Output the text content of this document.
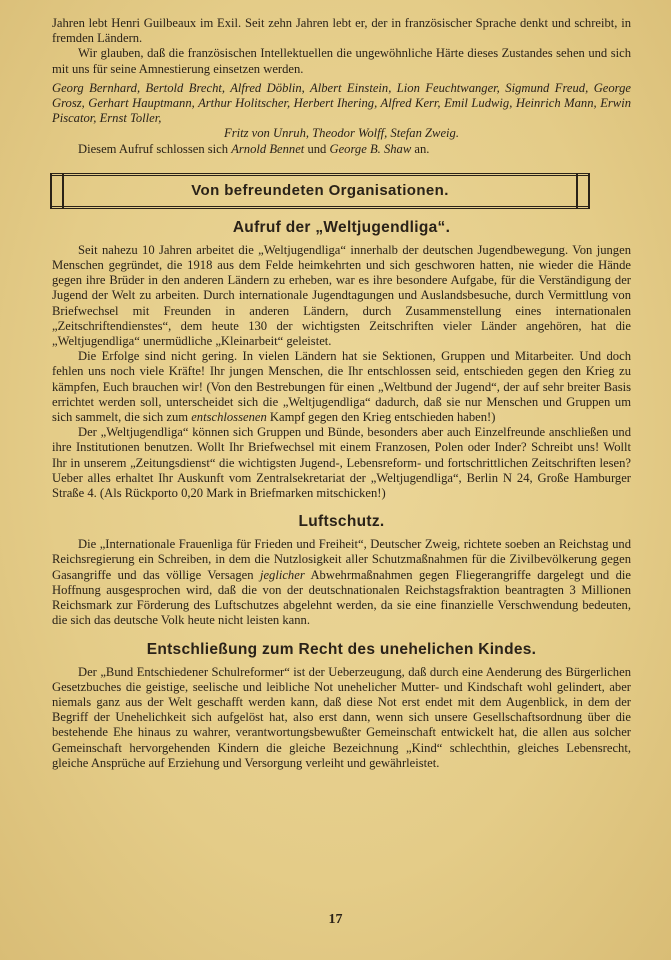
Jahren lebt Henri Guilbeaux im Exil. Seit zehn Jahren lebt er, der in französischer Sprache denkt und schreibt, in fremden Ländern.

Wir glauben, daß die französischen Intellektuellen die ungewöhnliche Härte dieses Zustandes sehen und sich mit uns für seine Amnestierung einsetzen werden.

Georg Bernhard, Bertold Brecht, Alfred Döblin, Albert Einstein, Lion Feuchtwanger, Sigmund Freud, George Grosz, Gerhart Hauptmann, Arthur Holitscher, Herbert Ihering, Alfred Kerr, Emil Ludwig, Heinrich Mann, Erwin Piscator, Ernst Toller,

Fritz von Unruh, Theodor Wolff, Stefan Zweig.

Diesem Aufruf schlossen sich Arnold Bennet und George B. Shaw an.

Von befreundeten Organisationen.
Aufruf der „Weltjugendliga“.

Seit nahezu 10 Jahren arbeitet die „Weltjugendliga“ innerhalb der deutschen Jugendbewegung. Von jungen Menschen gegründet, die 1918 aus dem Felde heimkehrten und sich geschworen hatten, nie wieder die Hände gegen ihre Brüder in den anderen Ländern zu erheben, war es ihre besondere Aufgabe, für die Verständigung der Jugend der Welt zu arbeiten. Durch internationale Jugendtagungen und Auslandsbesuche, durch Vermittlung von Briefwechsel mit Freunden in anderen Ländern, durch Zusammenstellung eines internationalen „Zeitschriftendienstes“, dem heute 130 der wichtigsten Zeitschriften vieler Länder angehören, hat die „Weltjugendliga“ unermüdliche „Kleinarbeit“ geleistet.

Die Erfolge sind nicht gering. In vielen Ländern hat sie Sektionen, Gruppen und Mitarbeiter. Und doch fehlen uns noch viele Kräfte! Ihr jungen Menschen, die Ihr entschlossen seid, entschieden gegen den Krieg zu kämpfen, Euch brauchen wir! (Von den Bestrebungen für einen „Weltbund der Jugend“, der auf sehr breiter Basis errichtet werden soll, unterscheidet sich die „Weltjugendliga“ dadurch, daß sie nur Menschen und Gruppen um sich sammelt, die sich zum entschlossenen Kampf gegen den Krieg entschieden haben!)

Der „Weltjugendliga“ können sich Gruppen und Bünde, besonders aber auch Einzelfreunde anschließen und ihre Institutionen benutzen. Wollt Ihr Briefwechsel mit einem Franzosen, Polen oder Inder? Schreibt uns! Wollt Ihr in unserem „Zeitungsdienst“ die wichtigsten Jugend-, Lebensreform- und fortschrittlichen Zeitschriften lesen? Ueber alles erhaltet Ihr Auskunft vom Zentralsekretariat der „Weltjugendliga“, Berlin N 24, Große Hamburger Straße 4. (Als Rückporto 0,20 Mark in Briefmarken mitschicken!)

Luftschutz.

Die „Internationale Frauenliga für Frieden und Freiheit“, Deutscher Zweig, richtete soeben an Reichstag und Reichsregierung ein Schreiben, in dem die Nutzlosigkeit aller Schutzmaßnahmen für die Zivilbevölkerung gegen Gasangriffe und das völlige Versagen jeglicher Abwehrmaßnahmen gegen Fliegerangriffe dargelegt und die Hoffnung ausgesprochen wird, daß die von der deutschnationalen Reichstagsfraktion beantragten 3 Millionen Reichsmark zur Förderung des Luftschutzes abgelehnt werden, da sie eine finanzielle Verschwendung bedeuten, die sich das deutsche Volk heute nicht leisten kann.

Entschließung zum Recht des unehelichen Kindes.

Der „Bund Entschiedener Schulreformer“ ist der Ueberzeugung, daß durch eine Aenderung des Bürgerlichen Gesetzbuches die geistige, seelische und leibliche Not unehelicher Mutter- und Kindschaft wohl gelindert, aber niemals ganz aus der Welt geschafft werden kann, daß diese Not erst endet mit dem Augenblick, in dem der Begriff der Unehelichkeit sich aufgelöst hat, also erst dann, wenn sich unsere Gesellschaftsordnung über die bestehende Ehe hinaus zu wahrer, verantwortungsbewußter Gemeinschaft entwickelt hat, die allen aus solcher Gemeinschaft hervorgehenden Kindern die gleiche Bezeichnung „Kind“ schlechthin, gleiches Lebensrecht, gleiche Ansprüche auf Erziehung und Versorgung verleiht und gewährleistet.

17
